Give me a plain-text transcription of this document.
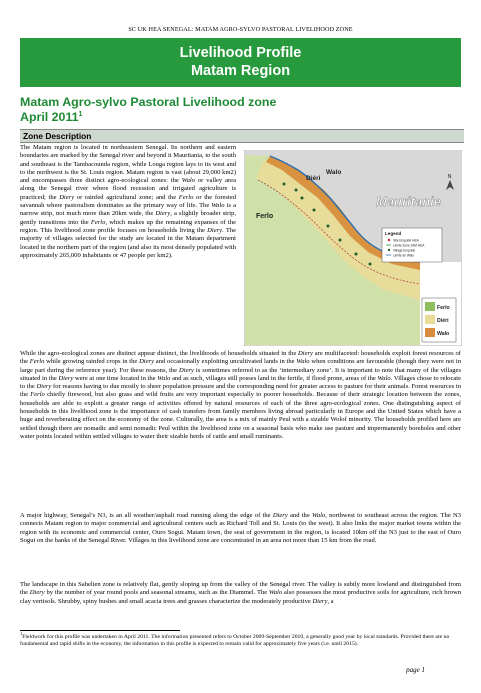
SC UK HEA SENEGAL: MATAM AGRO-SYLVO PASTORAL LIVELIHOOD ZONE
Livelihood Profile
Matam Region
Matam Agro-sylvo Pastoral Livelihood zone
April 2011$^1$
Zone Description
The Matam region is located in northeastern Senegal. Its northern and eastern boundaries are marked by the Senegal river and beyond it Mauritania, to the south and southeast is the Tambacounda region, while Louga region lays to its west and to the northwest is the St. Louis region. Matam region is vast (about 29,000 km2) and encompasses three distinct agro-ecological zones: the Walo or valley area along the Senegal river where flood recession and irrigated agriculture is practiced; the Diery or rainfed agricultural zone; and the Ferlo or the forested savannah where pastoralism dominates as the primary way of life. The Walo is a narrow strip, not much more than 20km wide, the Diery, a slightly broader strip, gently transitions into the Ferlo, which makes up the remaining expanses of the region. This livelihood zone profile focuses on households living the Diery. The majority of villages selected for the study are located in the Matam department located in the northern part of the region (and also its most densely populated with approximately 265,000 inhabitants or 47 people per km2).
Ferlo
Diéri
Walo
Mauritanie
N
Legend
Site Enquête HEA
Limite Zone ZdM HEA
Village Enquête
Limite de Walo
Ferlo
Diéri
Walo
While the agro-ecological zones are distinct appear distinct, the livelihoods of households situated in the Diery are multifaceted: households exploit forest resources of the Ferlo while growing rainfed crops in the Diery and occasionally exploiting uncultivated lands in the Walo when conditions are favourable (though they were not in large part during the reference year). For these reasons, the Diery is sometimes referred to as the ‘intermediary zone’. It is important to note that many of the villages situated in the Diery were at one time located in the Walo and as such, villages still posses land in the fertile, if flood prone, areas of the Walo. Villages chose to relocate to the Diery for reasons having to due mostly to sheer population pressure and the corresponding need for greater access to pasture for their animals. Forest resources in the Ferlo chiefly firewood, but also grass and wild fruits are very important especially to poorer households. Because of their strategic location between the zones, households are able to exploit a greater range of activities offered by natural resources of each of the three agro-ecological zones. One distinguishing aspect of households in this livelihood zone is the importance of cash transfers from family members living abroad particularly in Europe and the United States which have a huge and reverberating effect on the economy of the zone. Culturally, the area is a mix of mainly Peul with a sizable Wolof minority. The households profiled here are settled though there are nomadic and semi nomadic Peul within the livelihood zone on a seasonal basis who make use pasture and impermanently boreholes and other water points located within settled villages to water their sizable herds of cattle and small ruminants.
A major highway, Senegal’s N3, is an all weather/asphalt road running along the edge of the Diery and the Walo, northwest to southeast across the region. The N3 connects Matam region to major commercial and agricultural centers such as Richard Toll and St. Louis (to the west). It also links the major market towns within the region with its economic and commercial center, Ouro Sogui. Matam town, the seat of government in the region, is located 10km off the N3 just to the east of Ouro Sogui on the banks of the Senegal River. Villages in this livelihood zone are concentrated in an area not more than 15 km from the road.
The landscape in this Sahelien zone is relatively flat, gently sloping up from the valley of the Senegal river. The valley is subtly more lowland and distinguished from the Diery by the number of year round pools and seasonal streams, such as the Diammel. The Walo also possesses the most productive soils for agriculture, rich brown clay vertisols. Shrubby, spiny bushes and small acacia trees and grasses characterize the moderately productive Diery, a
$^1$Fieldwork for this profile was undertaken in April 2011. The information presented refers to October 2009-September 2010, a generally good year by local standards. Provided there are no fundamental and rapid shifts in the economy, the information in this profile is expected to remain valid for approximately five years (i.e. until 2015).
page 1
